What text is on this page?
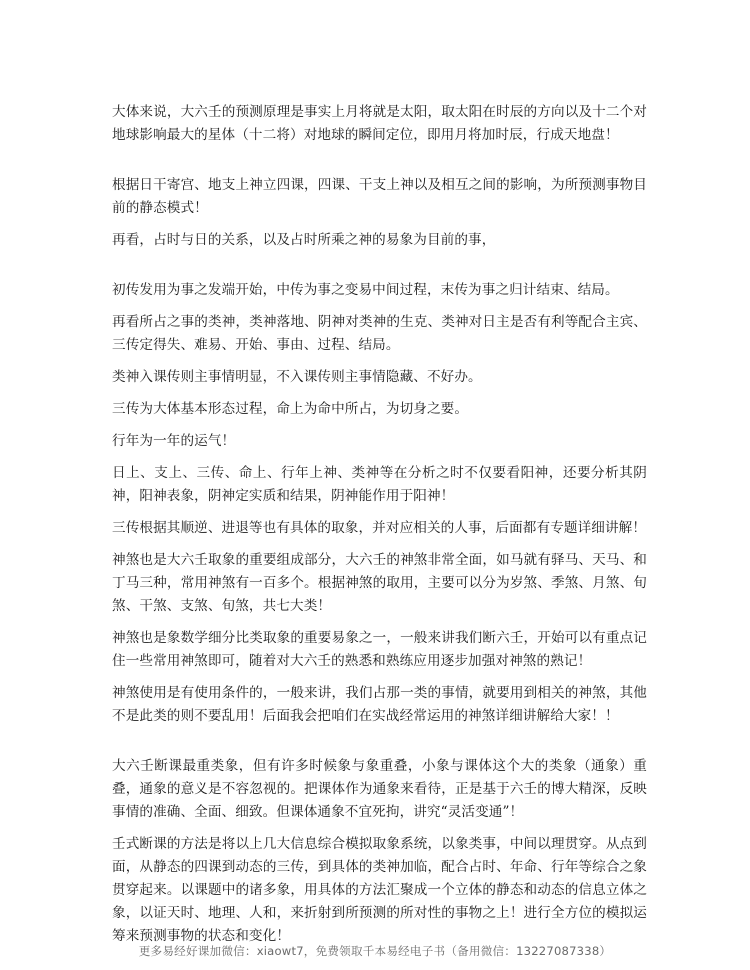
大体来说，大六壬的预测原理是事实上月将就是太阳，取太阳在时辰的方向以及十二个对地球影响最大的星体（十二将）对地球的瞬间定位，即用月将加时辰，行成天地盘！

根据日干寄宫、地支上神立四课，四课、干支上神以及相互之间的影响，为所预测事物目前的静态模式！

再看，占时与日的关系，以及占时所乘之神的易象为目前的事，

初传发用为事之发端开始，中传为事之变易中间过程，末传为事之归计结束、结局。

再看所占之事的类神，类神落地、阴神对类神的生克、类神对日主是否有利等配合主宾、三传定得失、难易、开始、事由、过程、结局。

类神入课传则主事情明显，不入课传则主事情隐藏、不好办。

三传为大体基本形态过程，命上为命中所占，为切身之要。

行年为一年的运气！

日上、支上、三传、命上、行年上神、类神等在分析之时不仅要看阳神，还要分析其阴神，阳神表象，阴神定实质和结果，阴神能作用于阳神！

三传根据其顺逆、进退等也有具体的取象，并对应相关的人事，后面都有专题详细讲解！

神煞也是大六壬取象的重要组成部分，大六壬的神煞非常全面，如马就有驿马、天马、和丁马三种，常用神煞有一百多个。根据神煞的取用，主要可以分为岁煞、季煞、月煞、旬煞、干煞、支煞、旬煞，共七大类！

神煞也是象数学细分比类取象的重要易象之一，一般来讲我们断六壬，开始可以有重点记住一些常用神煞即可，随着对大六壬的熟悉和熟练应用逐步加强对神煞的熟记！

神煞使用是有使用条件的，一般来讲，我们占那一类的事情，就要用到相关的神煞，其他不是此类的则不要乱用！后面我会把咱们在实战经常运用的神煞详细讲解给大家！！

大六壬断课最重类象，但有许多时候象与象重叠，小象与课体这个大的类象（通象）重叠，通象的意义是不容忽视的。把课体作为通象来看待，正是基于六壬的博大精深，反映事情的准确、全面、细致。但课体通象不宜死拘，讲究“灵活变通”！

壬式断课的方法是将以上几大信息综合模拟取象系统，以象类事，中间以理贯穿。从点到面，从静态的四课到动态的三传，到具体的类神加临，配合占时、年命、行年等综合之象贯穿起来。以课题中的诸多象，用具体的方法汇聚成一个立体的静态和动态的信息立体之象，以证天时、地理、人和，来折射到所预测的所对性的事物之上！进行全方位的模拟运筹来预测事物的状态和变化！

更多易经好课加微信：xiaowt7，免费领取千本易经电子书（备用微信：13227087338）
